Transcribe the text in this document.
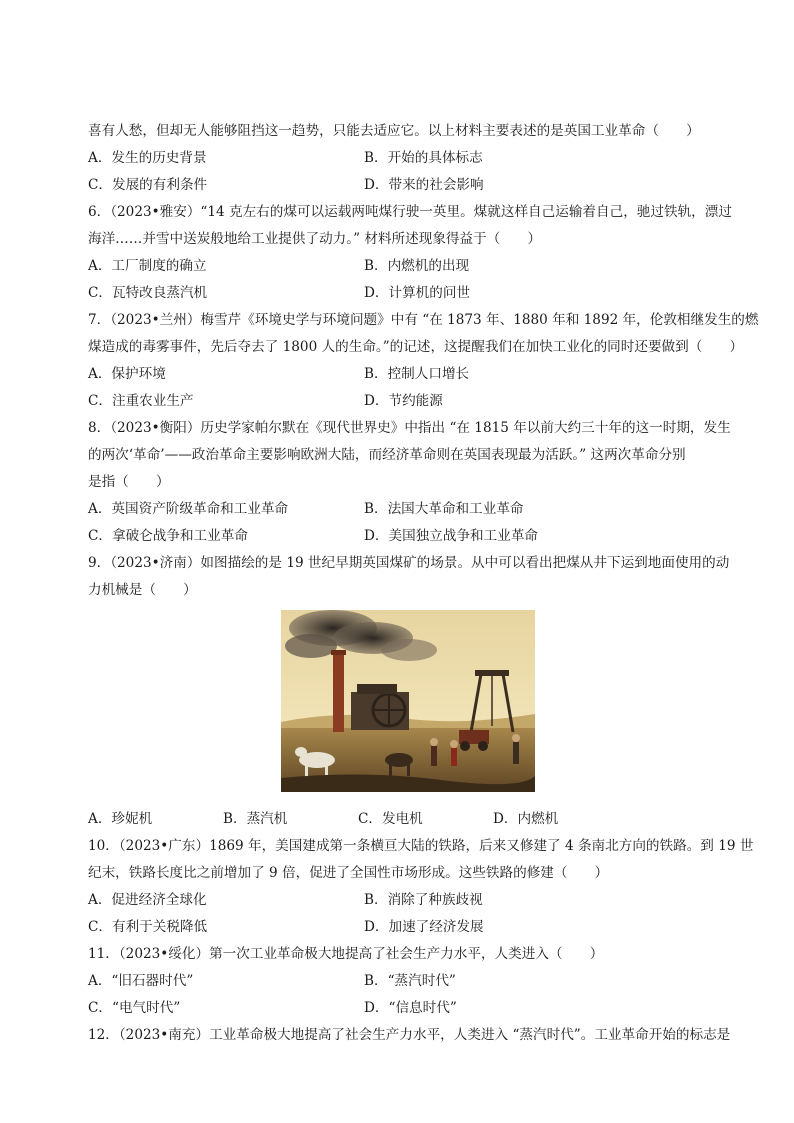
喜有人愁，但却无人能够阻挡这一趋势，只能去适应它。以上材料主要表述的是英国工业革命（　　）
A．发生的历史背景	B．开始的具体标志
C．发展的有利条件	D．带来的社会影响
6．（2023•雅安）“14 克左右的煤可以运载两吨煤行驶一英里。煤就这样自己运输着自己，驰过铁轨，漂过
海洋……并雪中送炭般地给工业提供了动力。” 材料所述现象得益于（　　）
A．工厂制度的确立	B．内燃机的出现
C．瓦特改良蒸汽机	D．计算机的问世
7．（2023•兰州）梅雪芹《环境史学与环境问题》中有 “在 1873 年、1880 年和 1892 年，伦敦相继发生的燃
煤造成的毒雾事件，先后夺去了 1800 人的生命。”的记述，这提醒我们在加快工业化的同时还要做到（　　）
A．保护环境	B．控制人口增长
C．注重农业生产	D．节约能源
8．（2023•衡阳）历史学家帕尔默在《现代世界史》中指出 “在 1815 年以前大约三十年的这一时期，发生
的两次‘革命’——政治革命主要影响欧洲大陆，而经济革命则在英国表现最为活跃。” 这两次革命分别
是指（　　）
A．英国资产阶级革命和工业革命	B．法国大革命和工业革命
C．拿破仑战争和工业革命	D．美国独立战争和工业革命
9．（2023•济南）如图描绘的是 19 世纪早期英国煤矿的场景。从中可以看出把煤从井下运到地面使用的动
力机械是（　　）
A．珍妮机	B．蒸汽机	C．发电机	D．内燃机
10．（2023•广东）1869 年，美国建成第一条横亘大陆的铁路，后来又修建了 4 条南北方向的铁路。到 19 世
纪末，铁路长度比之前增加了 9 倍，促进了全国性市场形成。这些铁路的修建（　　）
A．促进经济全球化	B．消除了种族歧视
C．有利于关税降低	D．加速了经济发展
11．（2023•绥化）第一次工业革命极大地提高了社会生产力水平，人类进入（　　）
A．“旧石器时代”	B．“蒸汽时代”
C．“电气时代”	D．“信息时代”
12．（2023•南充）工业革命极大地提高了社会生产力水平，人类进入 “蒸汽时代”。工业革命开始的标志是
